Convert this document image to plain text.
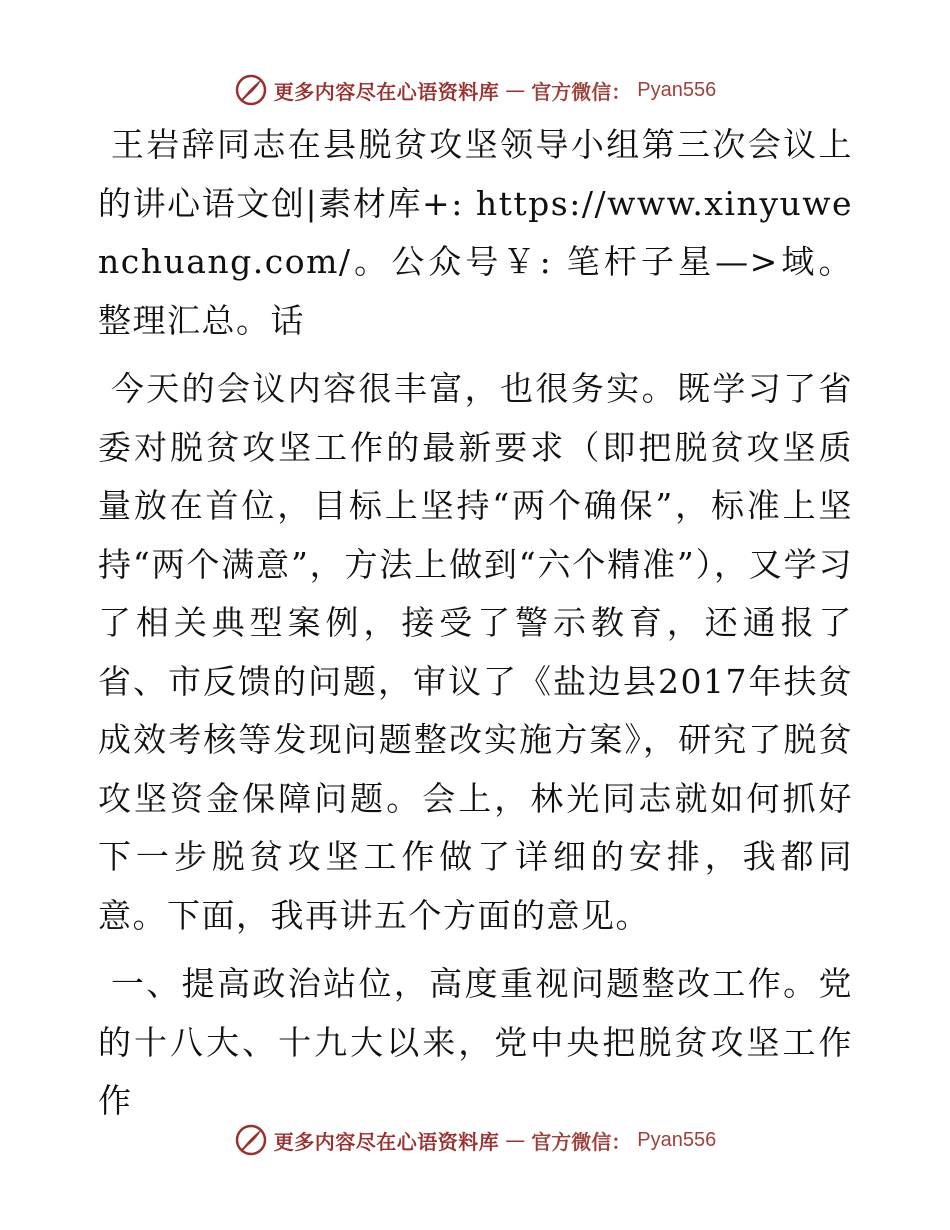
更多内容尽在心语资料库 — 官方微信： Pyan556

王岩辞同志在县脱贫攻坚领导小组第三次会议上的讲心语文创|素材库+: https://www.xinyuwenchuang.com/。公众号￥: 笔杆子星—>域。整理汇总。话

今天的会议内容很丰富，也很务实。既学习了省委对脱贫攻坚工作的最新要求（即把脱贫攻坚质量放在首位，目标上坚持“两个确保”，标准上坚持“两个满意”，方法上做到“六个精准”），又学习了相关典型案例，接受了警示教育，还通报了省、市反馈的问题，审议了《盐边县2017年扶贫成效考核等发现问题整改实施方案》，研究了脱贫攻坚资金保障问题。会上，林光同志就如何抓好下一步脱贫攻坚工作做了详细的安排，我都同意。下面，我再讲五个方面的意见。

一、提高政治站位，高度重视问题整改工作。党的十八大、十九大以来，党中央把脱贫攻坚工作作

更多内容尽在心语资料库 — 官方微信： Pyan556
